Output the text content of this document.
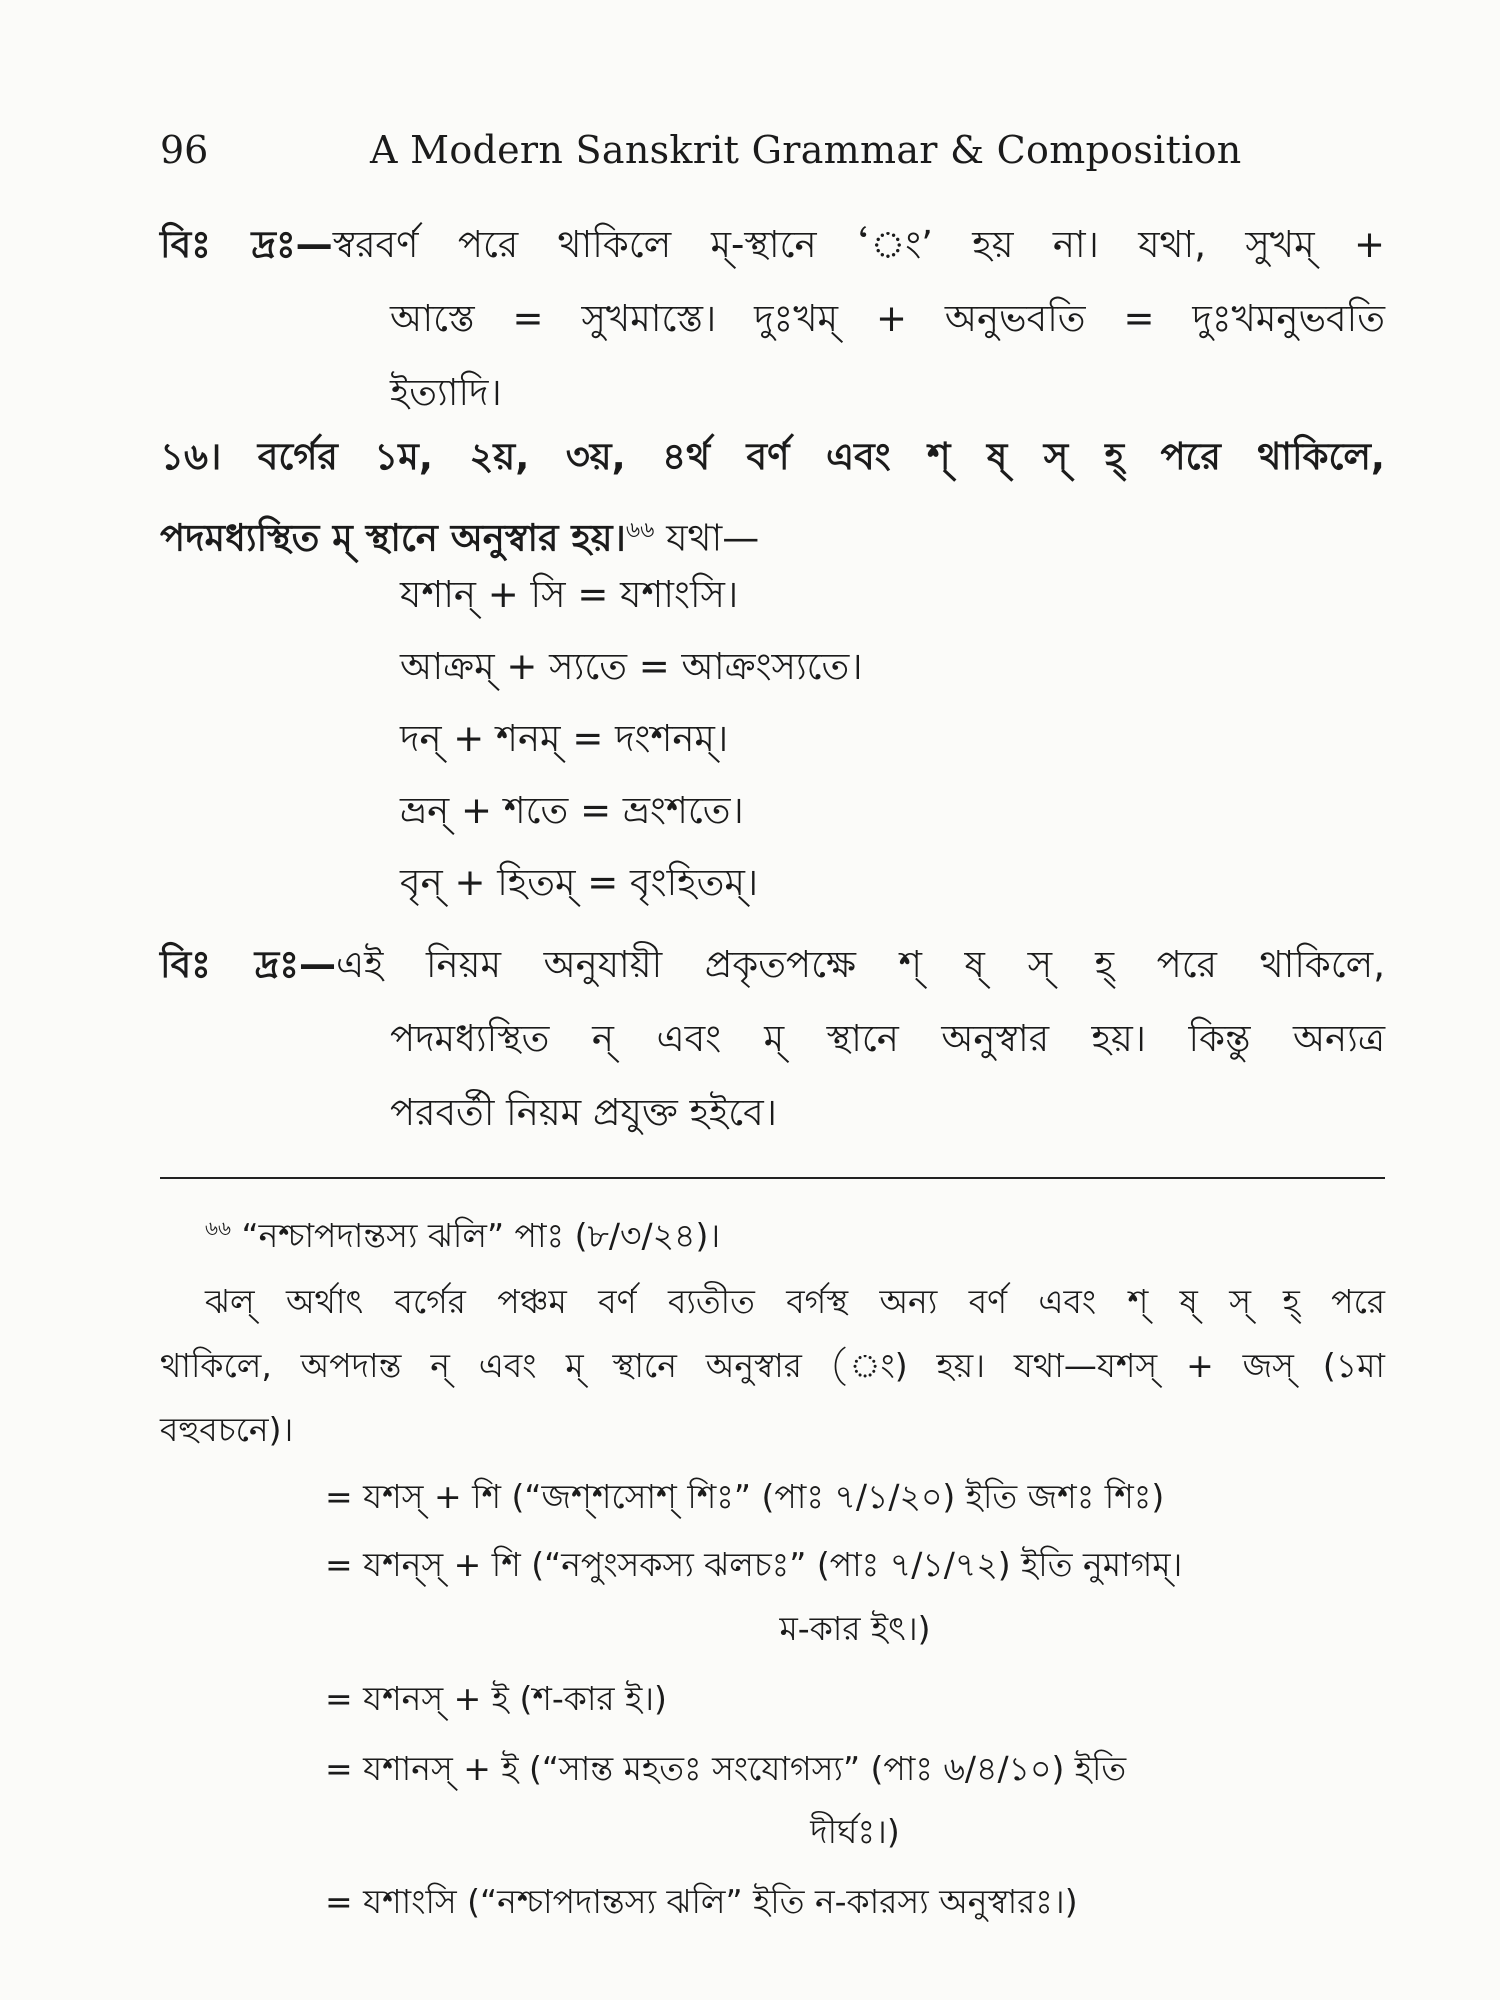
96	A Modern Sanskrit Grammar & Composition
বিঃ দ্রঃ—স্বরবর্ণ পরে থাকিলে ম্‌-স্থানে ‘ং’ হয় না। যথা, সুখম্‌ +
আস্তে = সুখমাস্তে। দুঃখম্‌ + অনুভবতি = দুঃখমনুভবতি
ইত্যাদি।
১৬। বর্গের ১ম, ২য়, ৩য়, ৪র্থ বর্ণ এবং শ্‌ ষ্‌ স্‌ হ্‌ পরে থাকিলে,
পদমধ্যস্থিত ম্‌ স্থানে অনুস্বার হয়।$^{৬৬}$ যথা—
যশান্‌ + সি = যশাংসি।
আক্রম্‌ + স্যতে = আক্রংস্যতে।
দন্‌ + শনম্‌ = দংশনম্‌।
ভ্রন্‌ + শতে = ভ্রংশতে।
বৃন্‌ + হিতম্‌ = বৃংহিতম্‌।
বিঃ দ্রঃ—এই নিয়ম অনুযায়ী প্রকৃতপক্ষে শ্‌ ষ্‌ স্‌ হ্‌ পরে থাকিলে,
পদমধ্যস্থিত ন্‌ এবং ম্‌ স্থানে অনুস্বার হয়। কিন্তু অন্যত্র
পরবর্তী নিয়ম প্রযুক্ত হইবে।
$^{৬৬}$ “নশ্চাপদান্তস্য ঝলি” পাঃ (৮/৩/২৪)।
ঝল্‌ অর্থাৎ বর্গের পঞ্চম বর্ণ ব্যতীত বর্গস্থ অন্য বর্ণ এবং শ্‌ ষ্‌ স্‌ হ্‌ পরে
থাকিলে, অপদান্ত ন্‌ এবং ম্‌ স্থানে অনুস্বার (ং) হয়। যথা—যশস্‌ + জস্‌ (১মা
বহুবচনে)।
= যশস্‌ + শি (“জশ্‌শসোশ্‌ শিঃ” (পাঃ ৭/১/২০) ইতি জশঃ শিঃ)
= যশন্‌স্‌ + শি (“নপুংসকস্য ঝলচঃ” (পাঃ ৭/১/৭২) ইতি নুমাগম্‌।
ম-কার ইৎ।)
= যশনস্‌ + ই (শ-কার ই।)
= যশানস্‌ + ই (“সান্ত মহতঃ সংযোগস্য” (পাঃ ৬/৪/১০) ইতি
দীর্ঘঃ।)
= যশাংসি (“নশ্চাপদান্তস্য ঝলি” ইতি ন-কারস্য অনুস্বারঃ।)
